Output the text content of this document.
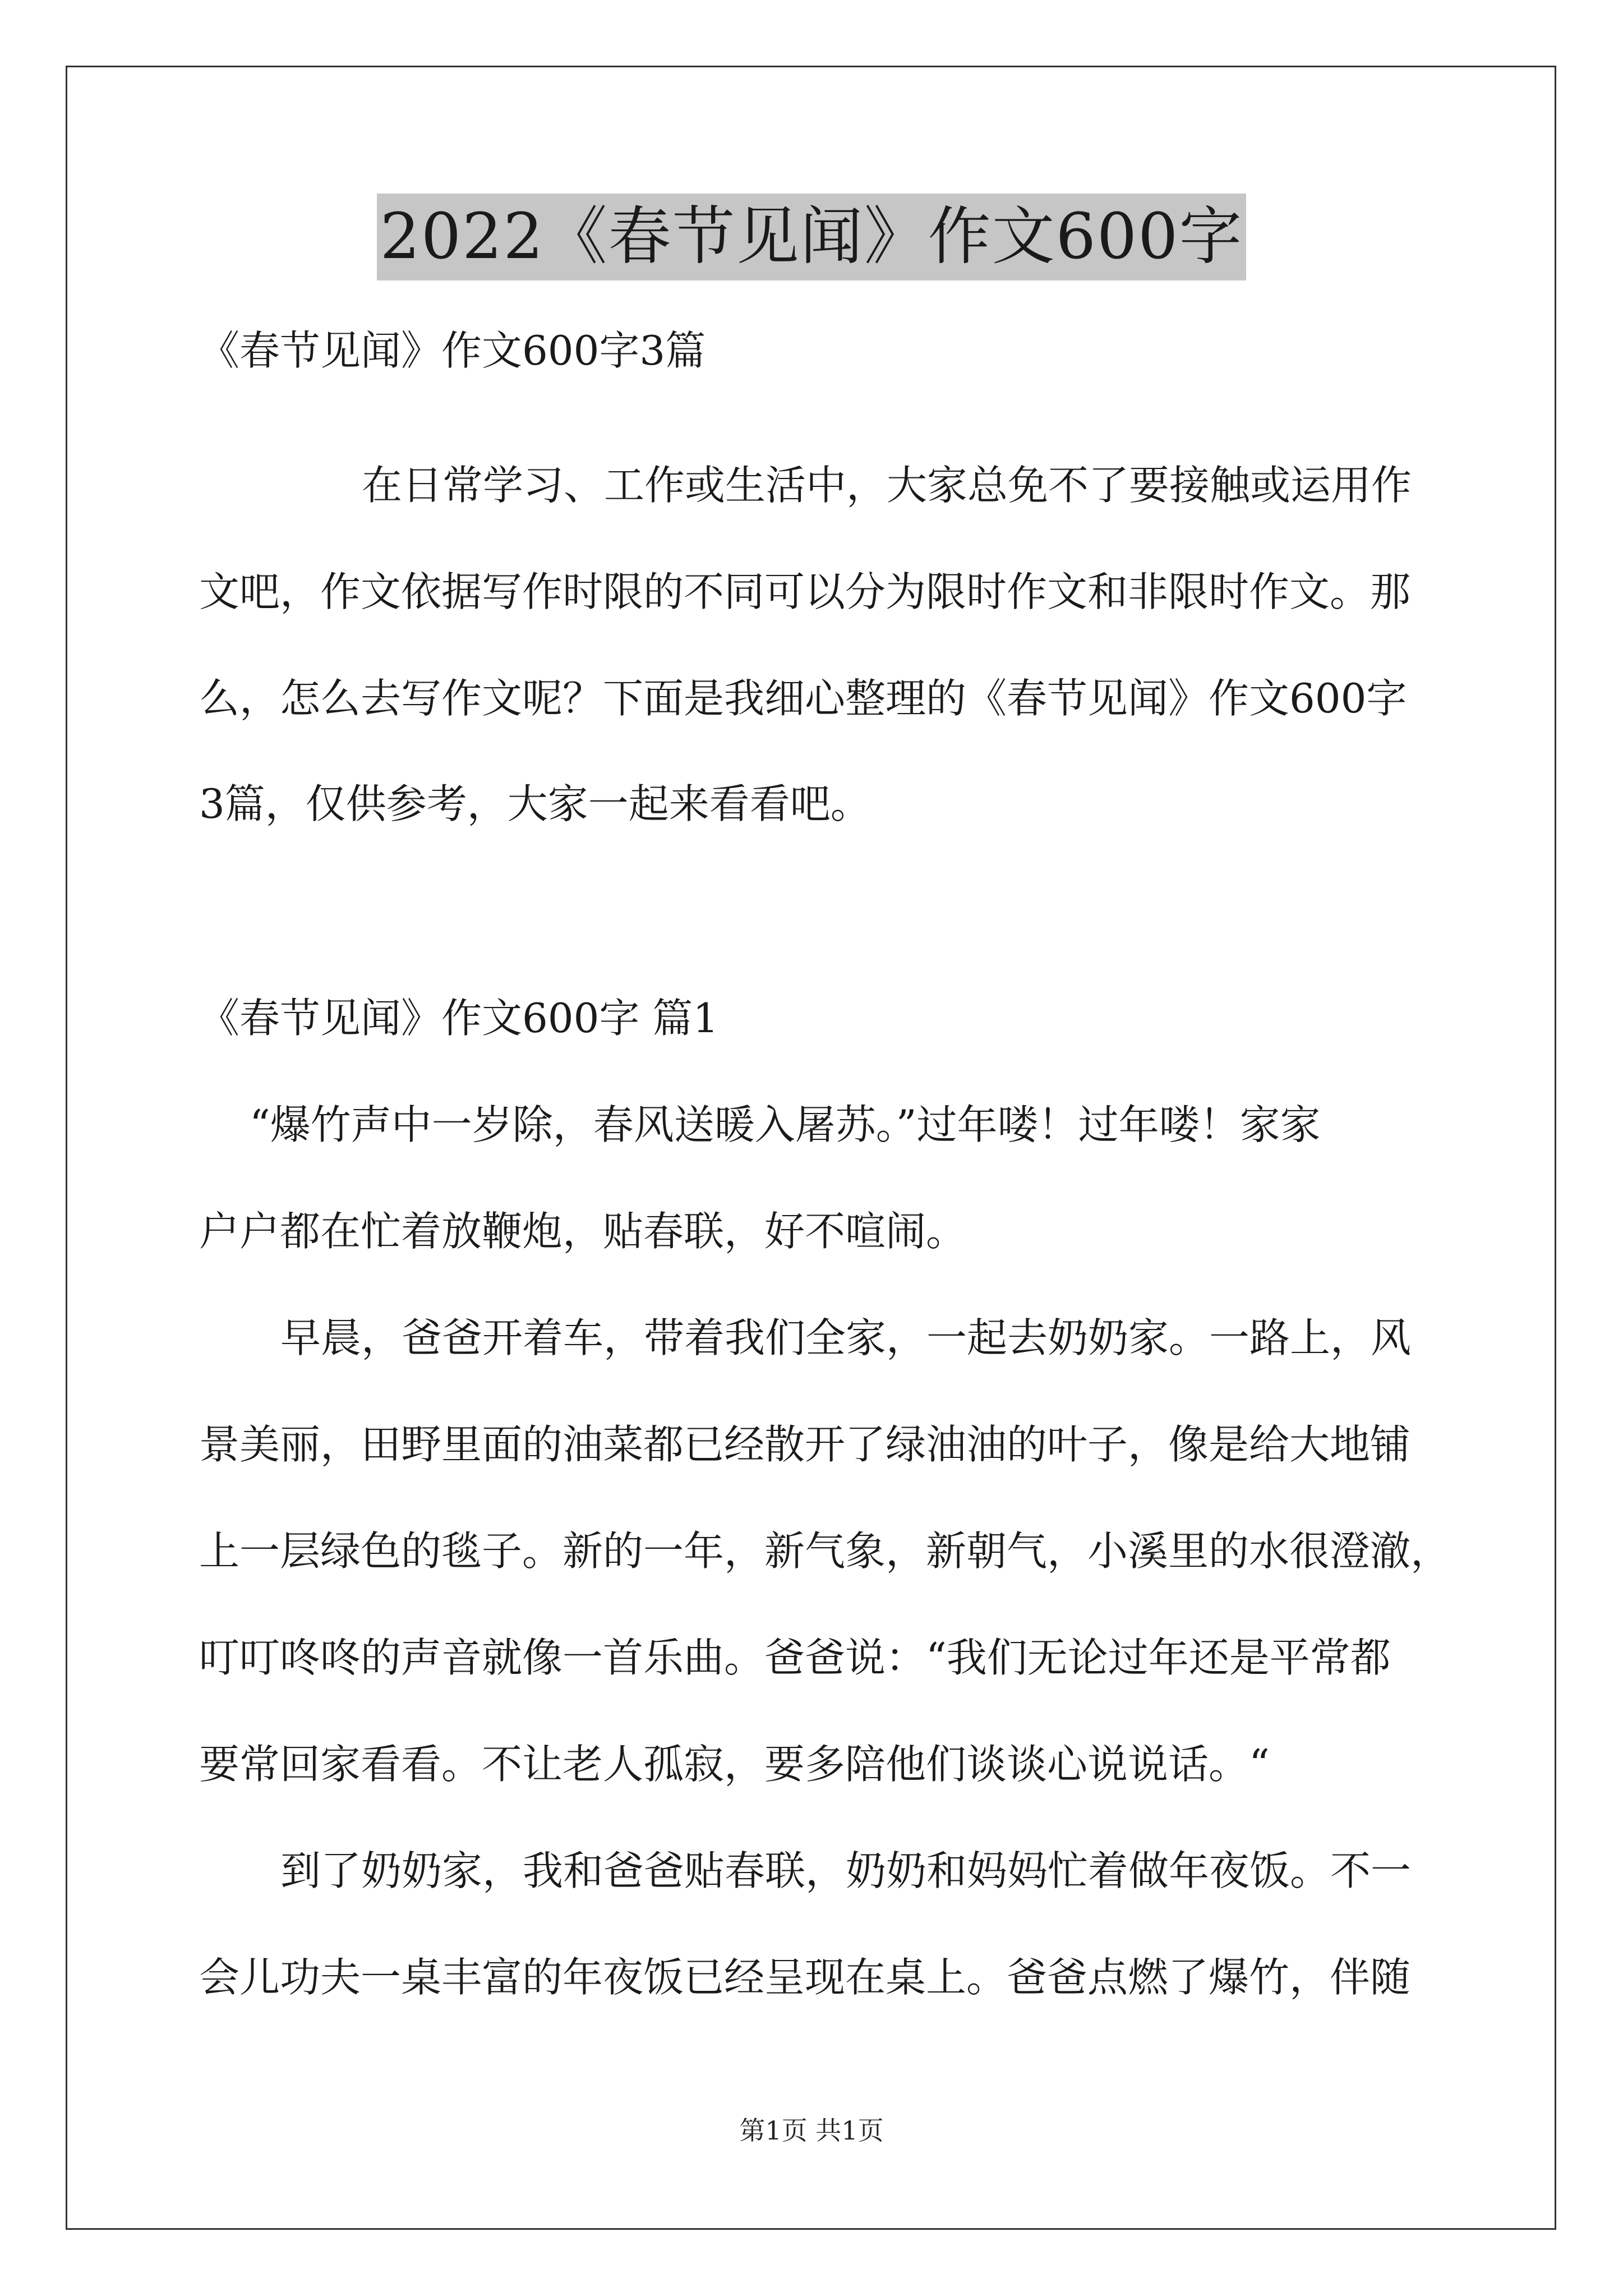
2022《春节见闻》作文600字
《春节见闻》作文600字3篇
在日常学习、工作或生活中，大家总免不了要接触或运用作
文吧，作文依据写作时限的不同可以分为限时作文和非限时作文。那
么，怎么去写作文呢？下面是我细心整理的《春节见闻》作文600字
3篇，仅供参考，大家一起来看看吧。
《春节见闻》作文600字 篇1
“爆竹声中一岁除，春风送暖入屠苏。”过年喽！过年喽！家家
户户都在忙着放鞭炮，贴春联，好不喧闹。
早晨，爸爸开着车，带着我们全家，一起去奶奶家。一路上，风
景美丽，田野里面的油菜都已经散开了绿油油的叶子，像是给大地铺
上一层绿色的毯子。新的一年，新气象，新朝气，小溪里的水很澄澈，
叮叮咚咚的声音就像一首乐曲。爸爸说：“我们无论过年还是平常都
要常回家看看。不让老人孤寂，要多陪他们谈谈心说说话。“
到了奶奶家，我和爸爸贴春联，奶奶和妈妈忙着做年夜饭。不一
会儿功夫一桌丰富的年夜饭已经呈现在桌上。爸爸点燃了爆竹，伴随
第1页 共1页
